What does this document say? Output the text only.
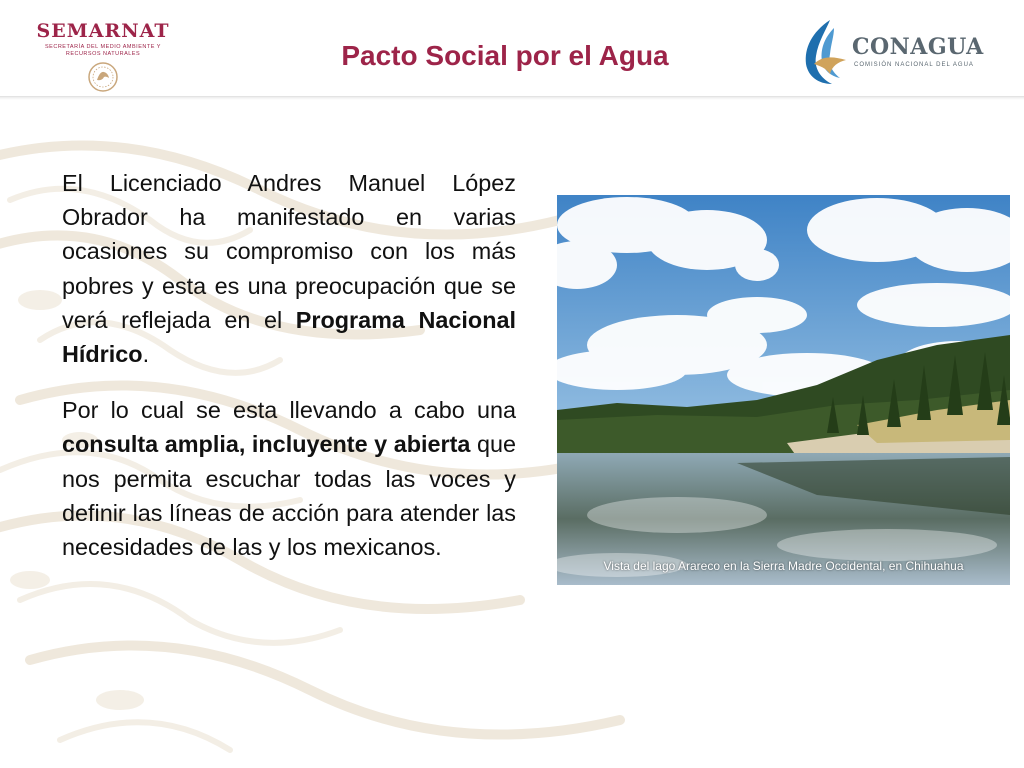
SEMARNAT
SECRETARÍA DEL MEDIO AMBIENTE Y
RECURSOS NATURALES	Pacto Social por el Agua	CONAGUA
COMISIÓN NACIONAL DEL AGUA

El Licenciado Andres Manuel López Obrador ha manifestado en varias ocasiones su compromiso con los más pobres y esta es una preocupación que se verá reflejada en el Programa Nacional Hídrico.

Por lo cual se esta llevando a cabo una consulta amplia, incluyente y abierta que nos permita escuchar todas las voces y definir las líneas de acción para atender las necesidades de las y los mexicanos.

Vista del lago Arareco en la Sierra Madre Occidental, en Chihuahua
